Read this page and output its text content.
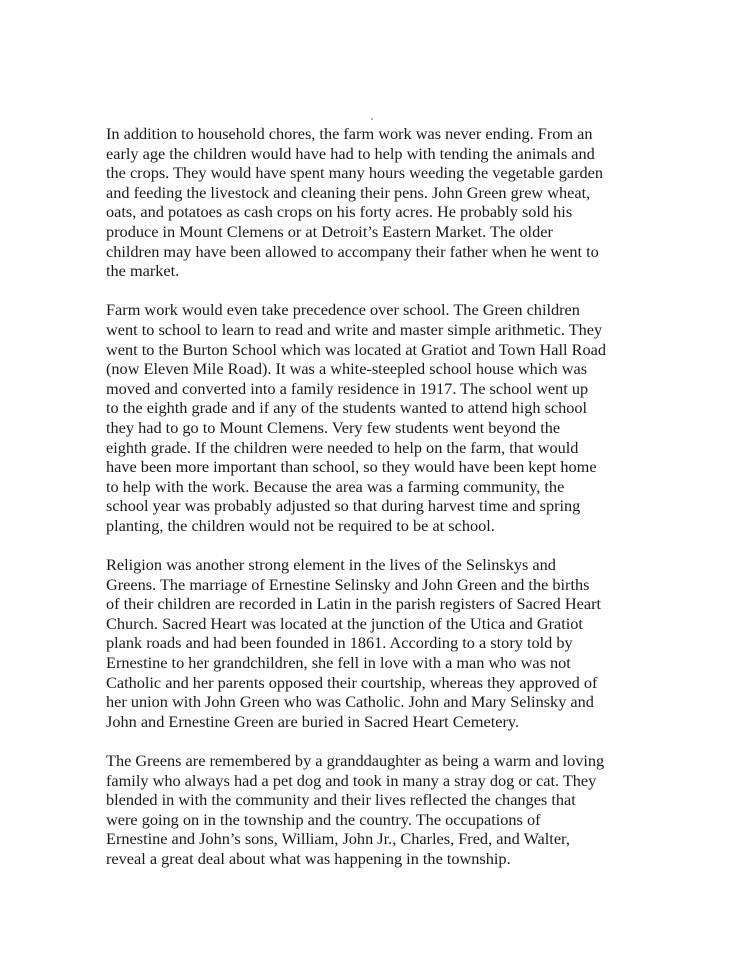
In addition to household chores, the farm work was never ending. From an
early age the children would have had to help with tending the animals and
the crops. They would have spent many hours weeding the vegetable garden
and feeding the livestock and cleaning their pens. John Green grew wheat,
oats, and potatoes as cash crops on his forty acres. He probably sold his
produce in Mount Clemens or at Detroit’s Eastern Market. The older
children may have been allowed to accompany their father when he went to
the market.

Farm work would even take precedence over school. The Green children
went to school to learn to read and write and master simple arithmetic. They
went to the Burton School which was located at Gratiot and Town Hall Road
(now Eleven Mile Road). It was a white-steepled school house which was
moved and converted into a family residence in 1917. The school went up
to the eighth grade and if any of the students wanted to attend high school
they had to go to Mount Clemens. Very few students went beyond the
eighth grade. If the children were needed to help on the farm, that would
have been more important than school, so they would have been kept home
to help with the work. Because the area was a farming community, the
school year was probably adjusted so that during harvest time and spring
planting, the children would not be required to be at school.

Religion was another strong element in the lives of the Selinskys and
Greens. The marriage of Ernestine Selinsky and John Green and the births
of their children are recorded in Latin in the parish registers of Sacred Heart
Church. Sacred Heart was located at the junction of the Utica and Gratiot
plank roads and had been founded in 1861. According to a story told by
Ernestine to her grandchildren, she fell in love with a man who was not
Catholic and her parents opposed their courtship, whereas they approved of
her union with John Green who was Catholic. John and Mary Selinsky and
John and Ernestine Green are buried in Sacred Heart Cemetery.

The Greens are remembered by a granddaughter as being a warm and loving
family who always had a pet dog and took in many a stray dog or cat. They
blended in with the community and their lives reflected the changes that
were going on in the township and the country. The occupations of
Ernestine and John’s sons, William, John Jr., Charles, Fred, and Walter,
reveal a great deal about what was happening in the township.
